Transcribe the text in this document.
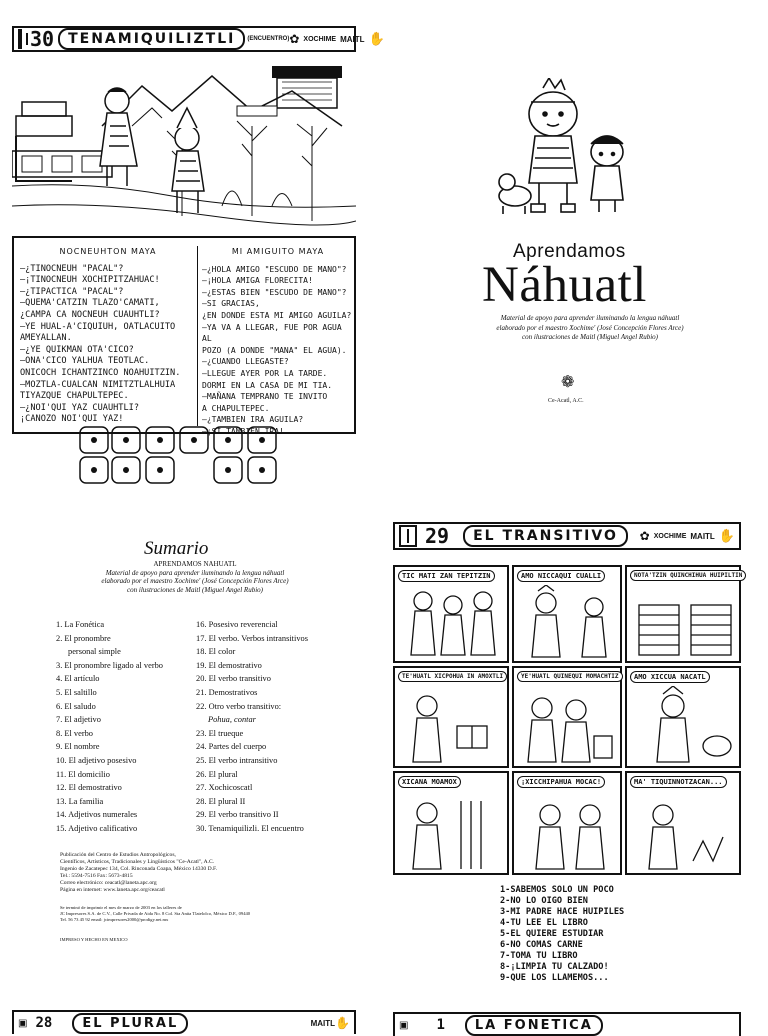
30	TENAMIQUILIZTLI	(ENCUENTRO) ✿ XOCHIME MAITL ✋
NOCNEUHTON MAYA
—¿TINOCNEUH "PACAL"?
—¡TINOCNEUH XOCHIPITZAHUAC!
—¿TIPACTICA "PACAL"?
—QUEMA'CATZIN TLAZO'CAMATI,
¿CAMPA CA NOCNEUH CUAUHTLI?
—YE HUAL-A'CIQUIUH, OATLACUITO
AMEYALLAN.
—¿YE QUIKMAN OTA'CICO?
—ONA'CICO YALHUA TEOTLAC.
ONICOCH ICHANTZINCO NOAHUITZIN.
—MOZTLA-CUALCAN NIMITZTLALHUIA
TIYAZQUE CHAPULTEPEC.
—¿NOI'QUI YAZ CUAUHTLI?
¡CANOZO NOI'QUI YAZ!
MI AMIGUITO MAYA
—¿HOLA AMIGO "ESCUDO DE MANO"?
—¡HOLA AMIGA FLORECITA!
—¿ESTAS BIEN "ESCUDO DE MANO"?
—SI GRACIAS,
¿EN DONDE ESTA MI AMIGO AGUILA?
—YA VA A LLEGAR, FUE POR AGUA AL
POZO (A DONDE "MANA" EL AGUA).
—¿CUANDO LLEGASTE?
—LLEGUE AYER POR LA TARDE.
DORMI EN LA CASA DE MI TIA.
—MAÑANA TEMPRANO TE INVITO
A CHAPULTEPEC.
—¿TAMBIEN IRA AGUILA?
—¡SI TAMBIEN IRA!
Aprendamos
Náhuatl
Material de apoyo para aprender iluminando la lengua náhuatl
elaborado por el maestro Xochime' (José Concepción Flores Arce)
con ilustraciones de Maitl (Miguel Angel Rubio)
❁
Ce-Acatl, A.C.
Sumario
APRENDAMOS NAHUATL
Material de apoyo para aprender iluminando la lengua náhuatl
elaborado por el maestro Xochime' (José Concepción Flores Arce)
con ilustraciones de Maitl (Miguel Angel Rubio)
1. La Fonética
2. El pronombre
personal simple
3. El pronombre ligado al verbo
4. El artículo
5. El saltillo
6. El saludo
7. El adjetivo
8. El verbo
9. El nombre
10. El adjetivo posesivo
11. El domicilio
12. El demostrativo
13. La familia
14. Adjetivos numerales
15. Adjetivo calificativo
16. Posesivo reverencial
17. El verbo. Verbos intransitivos
18. El color
19. El demostrativo
20. El verbo transitivo
21. Demostrativos
22. Otro verbo transitivo:
Pohua, contar
23. El trueque
24. Partes del cuerpo
25. El verbo intransitivo
26. El plural
27. Xochicoscatl
28. El plural II
29. El verbo transitivo II
30. Tenamiquilizli. El encuentro
Publicación del Centro de Estudios Antropológicos,
Científicos, Artísticos, Tradicionales y Lingüísticos "Ce-Acatl", A.C.
Ingenio de Zacatepec 134, Col. Rinconada Coapa, México 14330 D.F.
Tel.: 5594-7516 Fax: 5673-4815
Correo electrónico: ceacatl@laneta.apc.org
Página en internet: www.laneta.apc.org/ceacatl
Se terminó de imprimir el mes de marzo de 2003 en los talleres de
JC Impresores S.A. de C.V., Calle Privada de Aida No. 8 Col. Sta Anita Tlatelolco, México D.F., 09440
Tel. 56 73 45 92 email: jcimpresores2000@prodigy.net.mx
IMPRESO Y HECHO EN MEXICO
29	EL TRANSITIVO	✿ XOCHIME MAITL ✋
TIC MATI ZAN TEPITZIN	AMO NICCAQUI CUALLI	NOTA'TZIN QUINCHIHUA HUIPILTIN
TE'HUATL XICPOHUA IN AMOXTLI	YE'HUATL QUINEQUI MOMACHTIZ	AMO XICCUA NACATL
XICANA MOAMOX	¡XICCHIPAHUA MOCAC!	MA' TIQUINNOTZACAN...
1-SABEMOS SOLO UN POCO
2-NO LO OIGO BIEN
3-MI PADRE HACE HUIPILES
4-TU LEE EL LIBRO
5-EL QUIERE ESTUDIAR
6-NO COMAS CARNE
7-TOMA TU LIBRO
8-¡LIMPIA TU CALZADO!
9-QUE LOS LLAMEMOS...
▣ 28	EL PLURAL	MAITL ✋	▣ 1	LA FONETICA
